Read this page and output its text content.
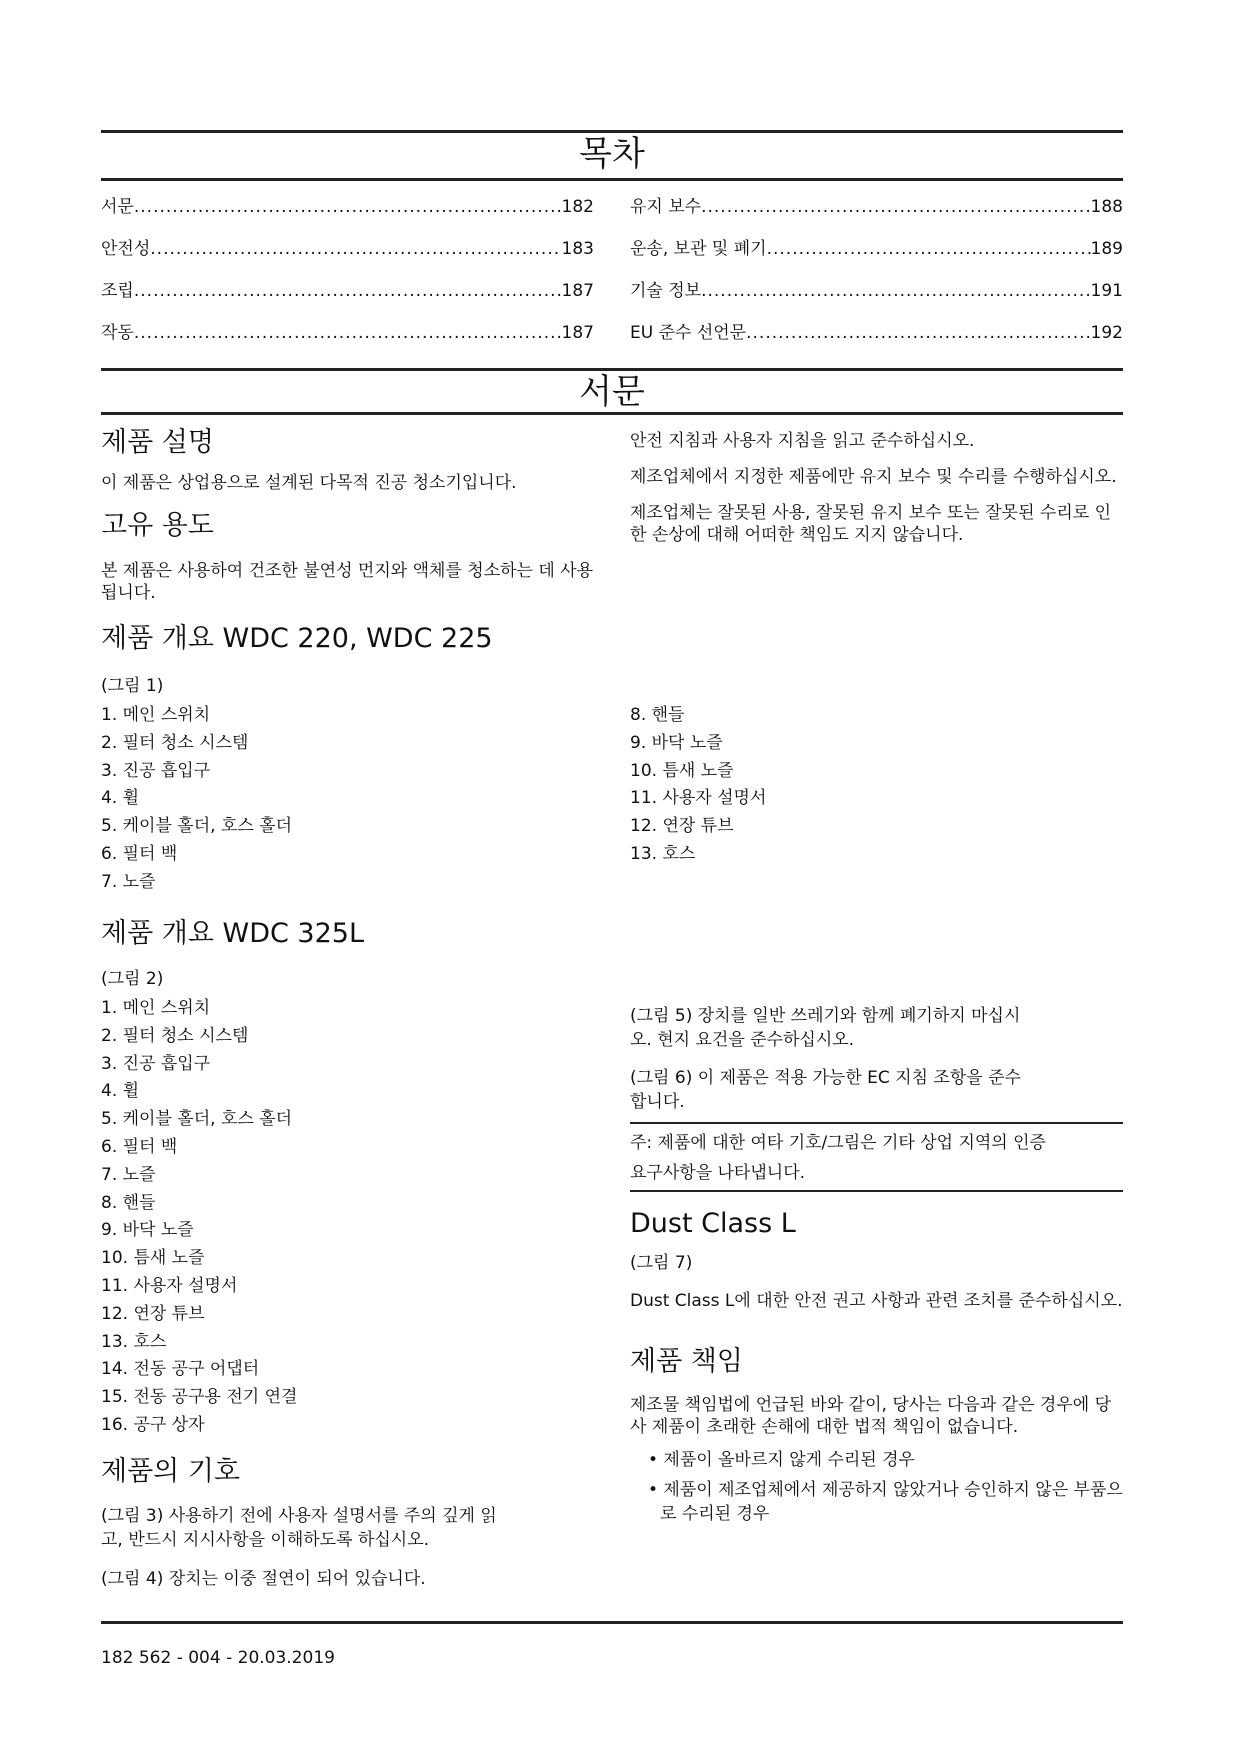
목차
서문 .....	182
안전성 .....	183
조립 .....	187
작동 .....	187
유지 보수 .....	188
운송, 보관 및 폐기 .....	189
기술 정보 .....	191
EU 준수 선언문 .....	192
서문
제품 설명
이 제품은 상업용으로 설계된 다목적 진공 청소기입니다.
고유 용도
본 제품은 사용하여 건조한 불연성 먼지와 액체를 청소하는 데 사용됩니다.
안전 지침과 사용자 지침을 읽고 준수하십시오.
제조업체에서 지정한 제품에만 유지 보수 및 수리를 수행하십시오.
제조업체는 잘못된 사용, 잘못된 유지 보수 또는 잘못된 수리로 인한 손상에 대해 어떠한 책임도 지지 않습니다.
제품 개요 WDC 220, WDC 225
(그림 1)
1. 메인 스위치
2. 필터 청소 시스템
3. 진공 흡입구
4. 휠
5. 케이블 홀더, 호스 홀더
6. 필터 백
7. 노즐
8. 핸들
9. 바닥 노즐
10. 틈새 노즐
11. 사용자 설명서
12. 연장 튜브
13. 호스
제품 개요 WDC 325L
(그림 2)
1. 메인 스위치
2. 필터 청소 시스템
3. 진공 흡입구
4. 휠
5. 케이블 홀더, 호스 홀더
6. 필터 백
7. 노즐
8. 핸들
9. 바닥 노즐
10. 틈새 노즐
11. 사용자 설명서
12. 연장 튜브
13. 호스
14. 전동 공구 어댑터
15. 전동 공구용 전기 연결
16. 공구 상자
제품의 기호
(그림 3) 사용하기 전에 사용자 설명서를 주의 깊게 읽
고, 반드시 지시사항을 이해하도록 하십시오.
(그림 4) 장치는 이중 절연이 되어 있습니다.
(그림 5) 장치를 일반 쓰레기와 함께 폐기하지 마십시
오. 현지 요건을 준수하십시오.
(그림 6) 이 제품은 적용 가능한 EC 지침 조항을 준수
합니다.
주: 제품에 대한 여타 기호/그림은 기타 상업 지역의 인증
요구사항을 나타냅니다.
Dust Class L
(그림 7)
Dust Class L에 대한 안전 권고 사항과 관련 조치를 준수하십시오.
제품 책임
제조물 책임법에 언급된 바와 같이, 당사는 다음과 같은 경우에 당사 제품이 초래한 손해에 대한 법적 책임이 없습니다.
• 제품이 올바르지 않게 수리된 경우
• 제품이 제조업체에서 제공하지 않았거나 승인하지 않은 부품으로 수리된 경우
182 562 - 004 - 20.03.2019
